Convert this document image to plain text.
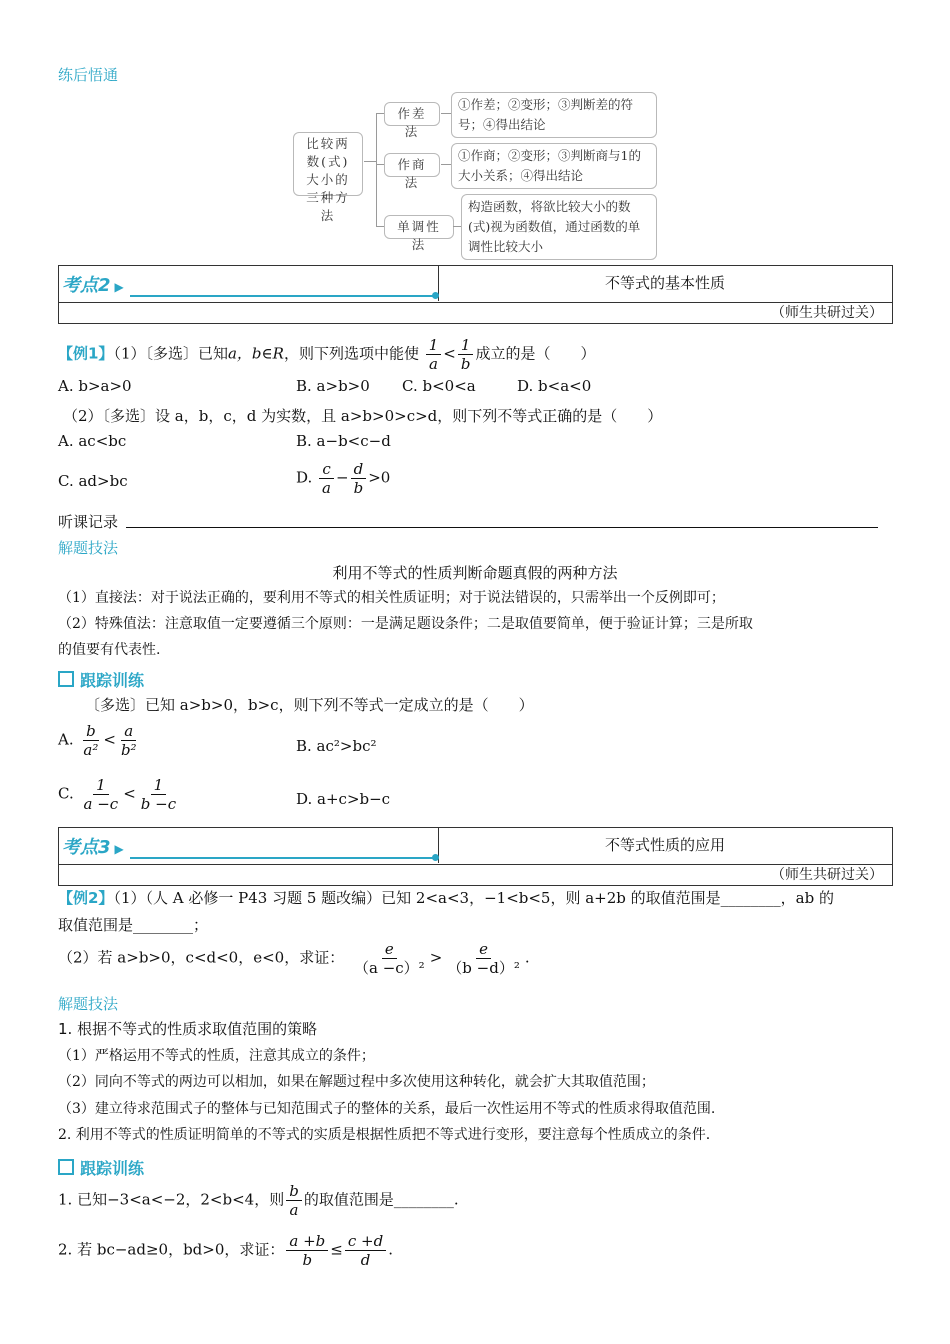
练后悟通
比较两数(式)大小的三种方法
作差法
①作差；②变形；③判断差的符号；④得出结论
作商法
①作商；②变形；③判断商与1的大小关系；④得出结论
单调性法
构造函数，将欲比较大小的数(式)视为函数值，通过函数的单调性比较大小
考点2 ▶	不等式的基本性质
（师生共研过关）
【例1】（1）〔多选〕已知a，b∈R，则下列选项中能使 $\frac{1}{a} < \frac{1}{b}$ 成立的是（　　）
A. b>a>0	B. a>b>0 C. b<0<a	D. b<a<0
（2）〔多选〕设 a，b，c，d 为实数，且 a>b>0>c>d，则下列不等式正确的是（　　）
A. ac<bc	B. a−b<c−d
C. ad>bc	D. $\frac{c}{a} - \frac{d}{b} >0$
听课记录
解题技法
利用不等式的性质判断命题真假的两种方法
（1）直接法：对于说法正确的，要利用不等式的相关性质证明；对于说法错误的，只需举出一个反例即可；
（2）特殊值法：注意取值一定要遵循三个原则：一是满足题设条件；二是取值要简单，便于验证计算；三是所取
的值要有代表性.
跟踪训练
〔多选〕已知 a>b>0，b>c，则下列不等式一定成立的是（　　）
A. $\frac{b}{\text{a²}} < \frac{a}{\text{b²}}$	B. ac²>bc²
C. $\frac{1}{a -c} < \frac{1}{b -c}$	D. a+c>b−c
考点3 ▶	不等式性质的应用
（师生共研过关）
【例2】（1）（人 A 必修一 P43 习题 5 题改编）已知 2<a<3，−1<b<5，则 a+2b 的取值范围是________，ab 的
取值范围是________；
（2）若 a>b>0，c<d<0，e<0，求证： $\frac{e}{\text{（a −c）²}} > \frac{e}{\text{（b −d）²}}$ .
解题技法
1. 根据不等式的性质求取值范围的策略
（1）严格运用不等式的性质，注意其成立的条件；
（2）同向不等式的两边可以相加，如果在解题过程中多次使用这种转化，就会扩大其取值范围；
（3）建立待求范围式子的整体与已知范围式子的整体的关系，最后一次性运用不等式的性质求得取值范围.
2. 利用不等式的性质证明简单的不等式的实质是根据性质把不等式进行变形，要注意每个性质成立的条件.
跟踪训练
1. 已知−3<a<−2，2<b<4，则 $\frac{b}{a}$ 的取值范围是________.
2. 若 bc−ad≥0，bd>0，求证： $\frac{a +b}{b} \le \frac{c +d}{d}$ .
